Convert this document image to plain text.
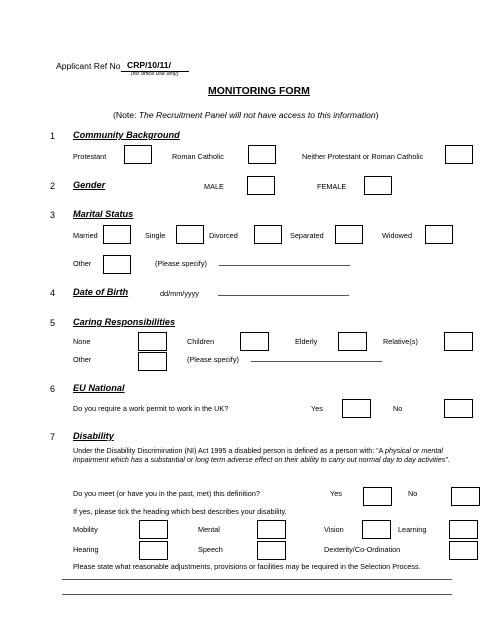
Applicant Ref No CRP/10/11/
(for office use only)
MONITORING FORM
(Note: The Recruitment Panel will not have access to this information)
1 Community Background
Protestant	Roman Catholic	Neither Protestant or Roman Catholic
2 Gender	MALE	FEMALE
3 Marital Status
Married	Single	Divorced	Separated	Widowed
Other	(Please specify)
4 Date of Birth	dd/mm/yyyy
5 Caring Responsibilities
None	Children	Elderly	Relative(s)
Other	(Please specify)
6 EU National
Do you require a work permit to work in the UK?	Yes	No
7 Disability
Under the Disability Discrimination (NI) Act 1995 a disabled person is defined as a person with: “A physical or mental impairment which has a substantial or long term adverse effect on their ability to carry out normal day to day activities”.
Do you meet (or have you in the past, met) this definition?	Yes	No
If yes, please tick the heading which best describes your disability.
Mobility	Mental	Vision	Learning
Hearing	Speech	Dexterity/Co-Ordination
Please state what reasonable adjustments, provisions or facilities may be required in the Selection Process.
